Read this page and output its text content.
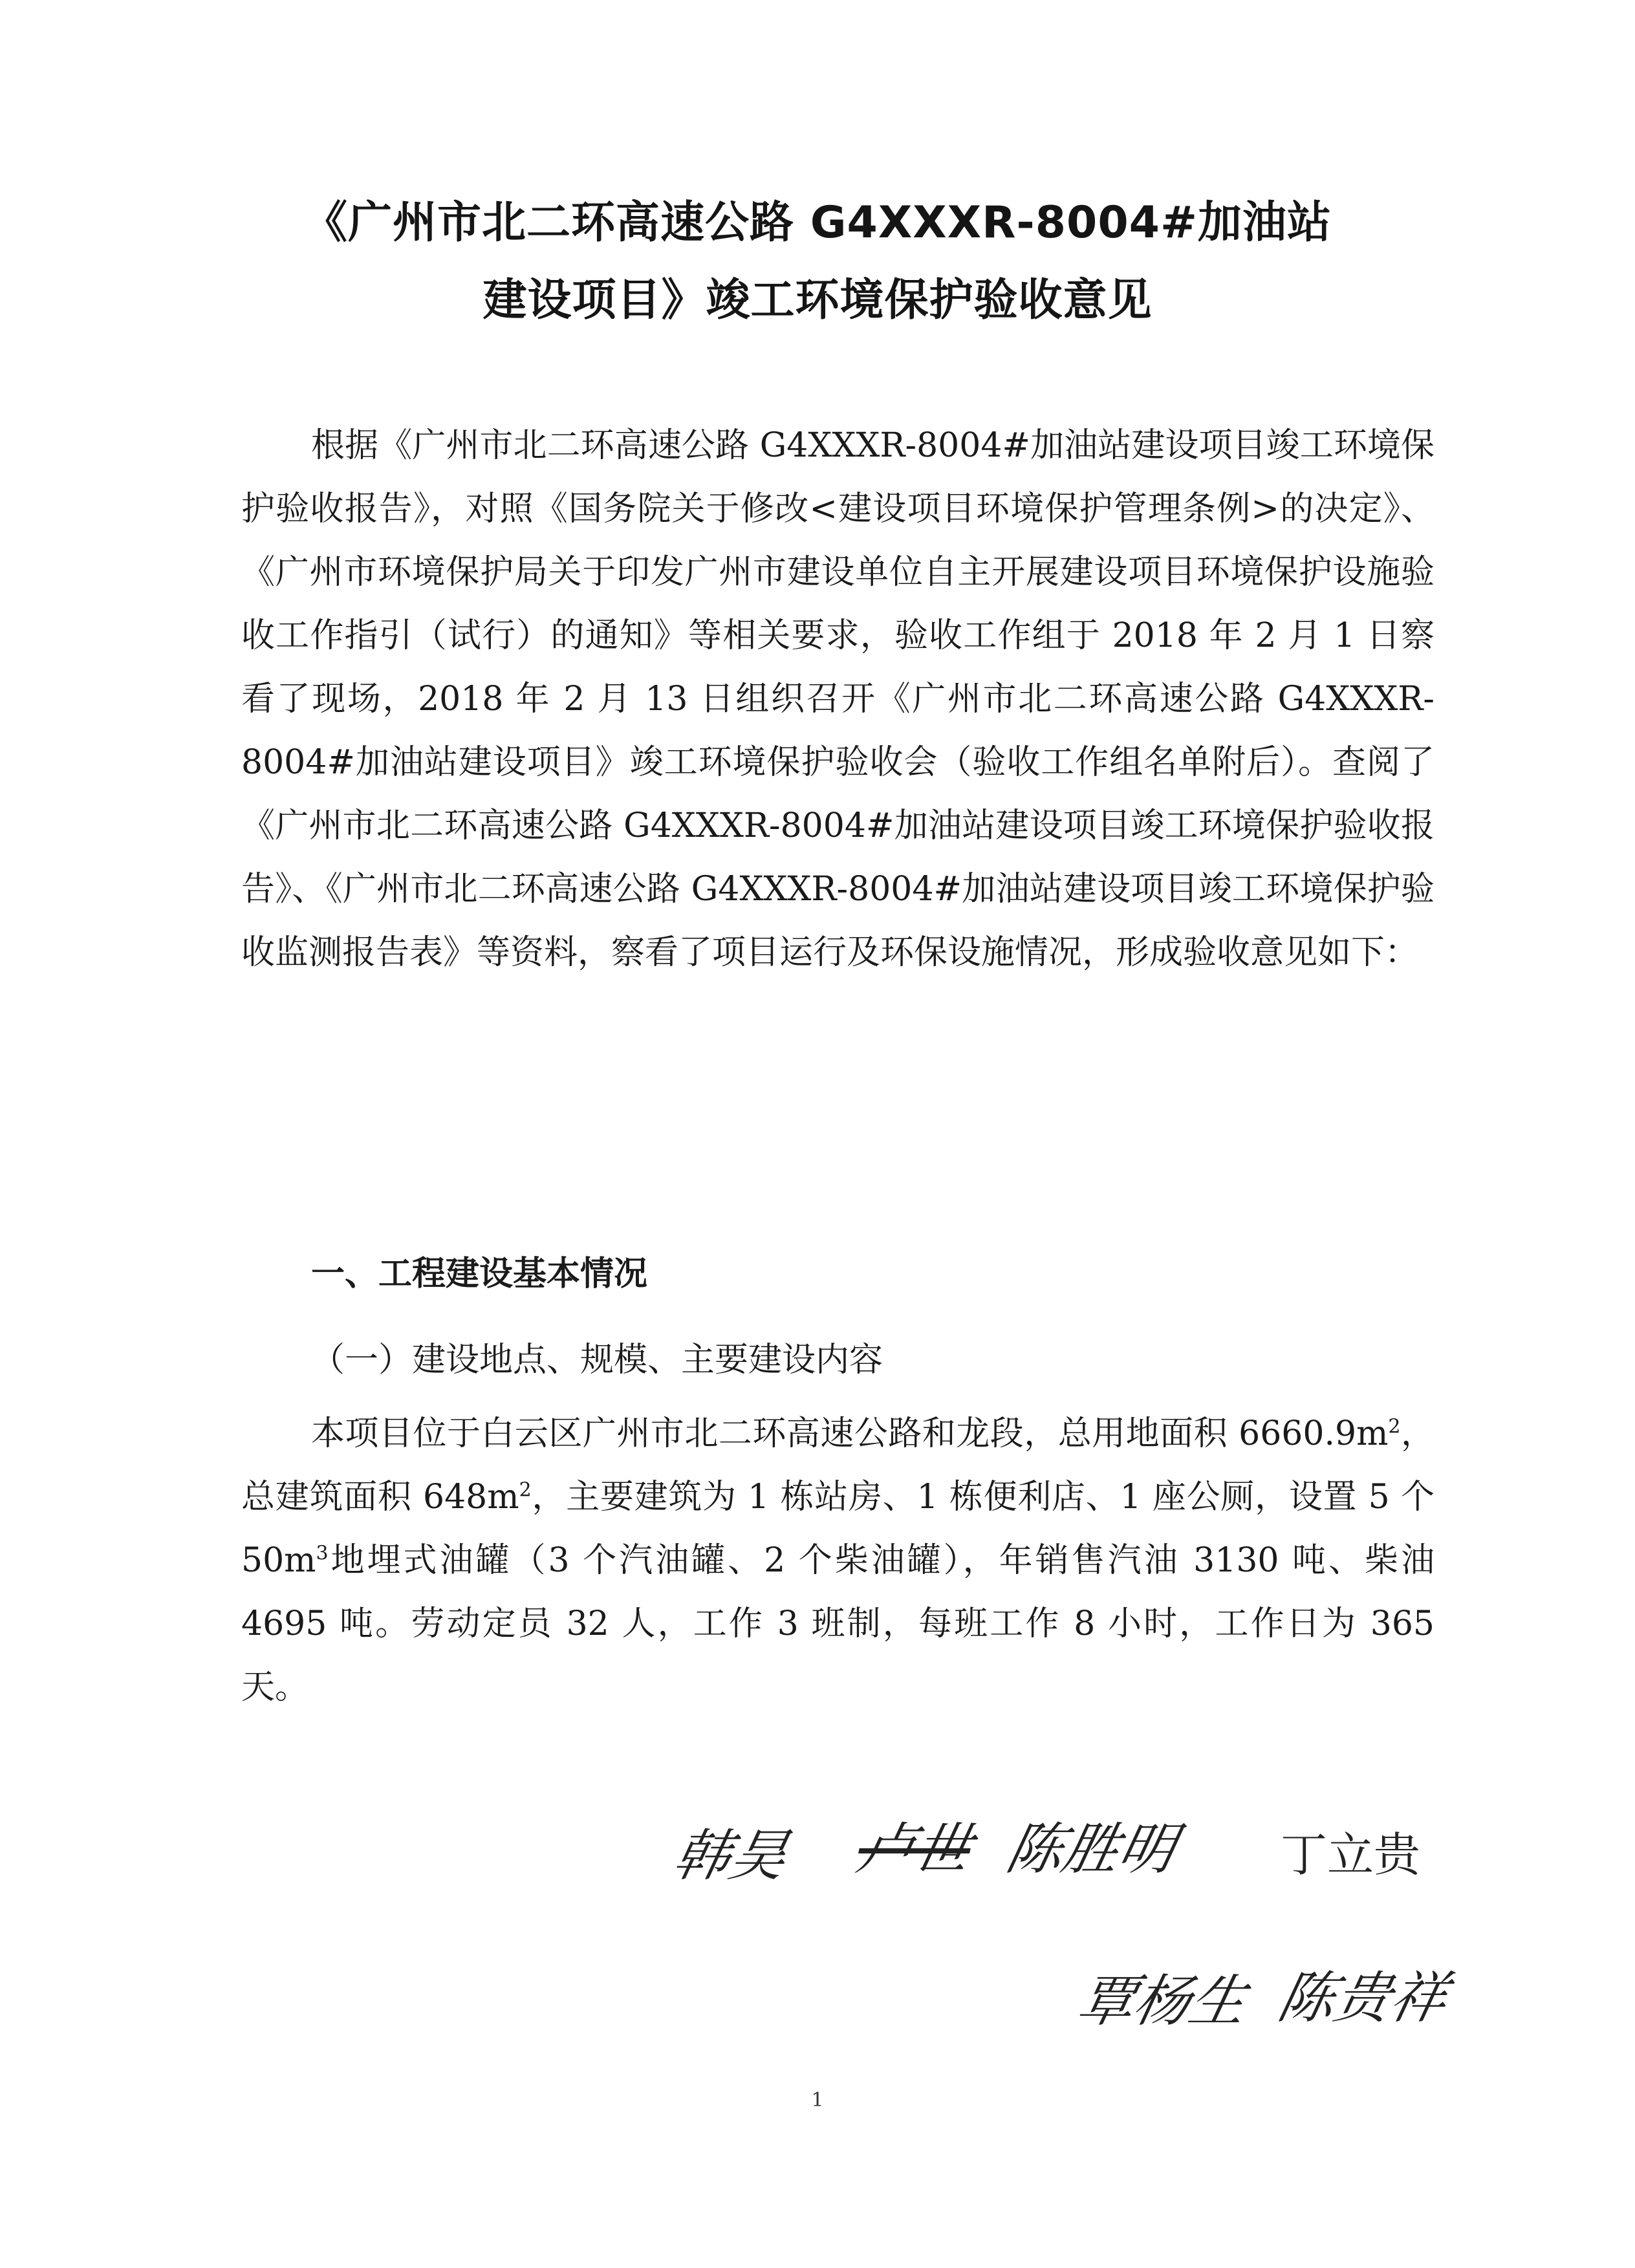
《广州市北二环高速公路 G4XXXR-8004#加油站
建设项目》竣工环境保护验收意见

根据《广州市北二环高速公路 G4XXXR-8004#加油站建设项目竣工环境保护验收报告》，对照《国务院关于修改<建设项目环境保护管理条例>的决定》、《广州市环境保护局关于印发广州市建设单位自主开展建设项目环境保护设施验收工作指引（试行）的通知》等相关要求，验收工作组于 2018 年 2 月 1 日察看了现场，2018 年 2 月 13 日组织召开《广州市北二环高速公路 G4XXXR-8004#加油站建设项目》竣工环境保护验收会（验收工作组名单附后）。查阅了《广州市北二环高速公路 G4XXXR-8004#加油站建设项目竣工环境保护验收报告》、《广州市北二环高速公路 G4XXXR-8004#加油站建设项目竣工环境保护验收监测报告表》等资料，察看了项目运行及环保设施情况，形成验收意见如下：

一、工程建设基本情况

（一）建设地点、规模、主要建设内容

本项目位于白云区广州市北二环高速公路和龙段，总用地面积 $6660.9m^2$，总建筑面积 $648m^2$，主要建筑为 1 栋站房、1 栋便利店、1 座公厕，设置 5 个 $50m^3$地埋式油罐（3 个汽油罐、2 个柴油罐），年销售汽油 3130 吨、柴油 4695 吨。劳动定员 32 人，工作 3 班制，每班工作 8 小时，工作日为 365 天。

韩昊 卢世 陈胜明 丁立贵
覃杨生 陈贵祥
1
